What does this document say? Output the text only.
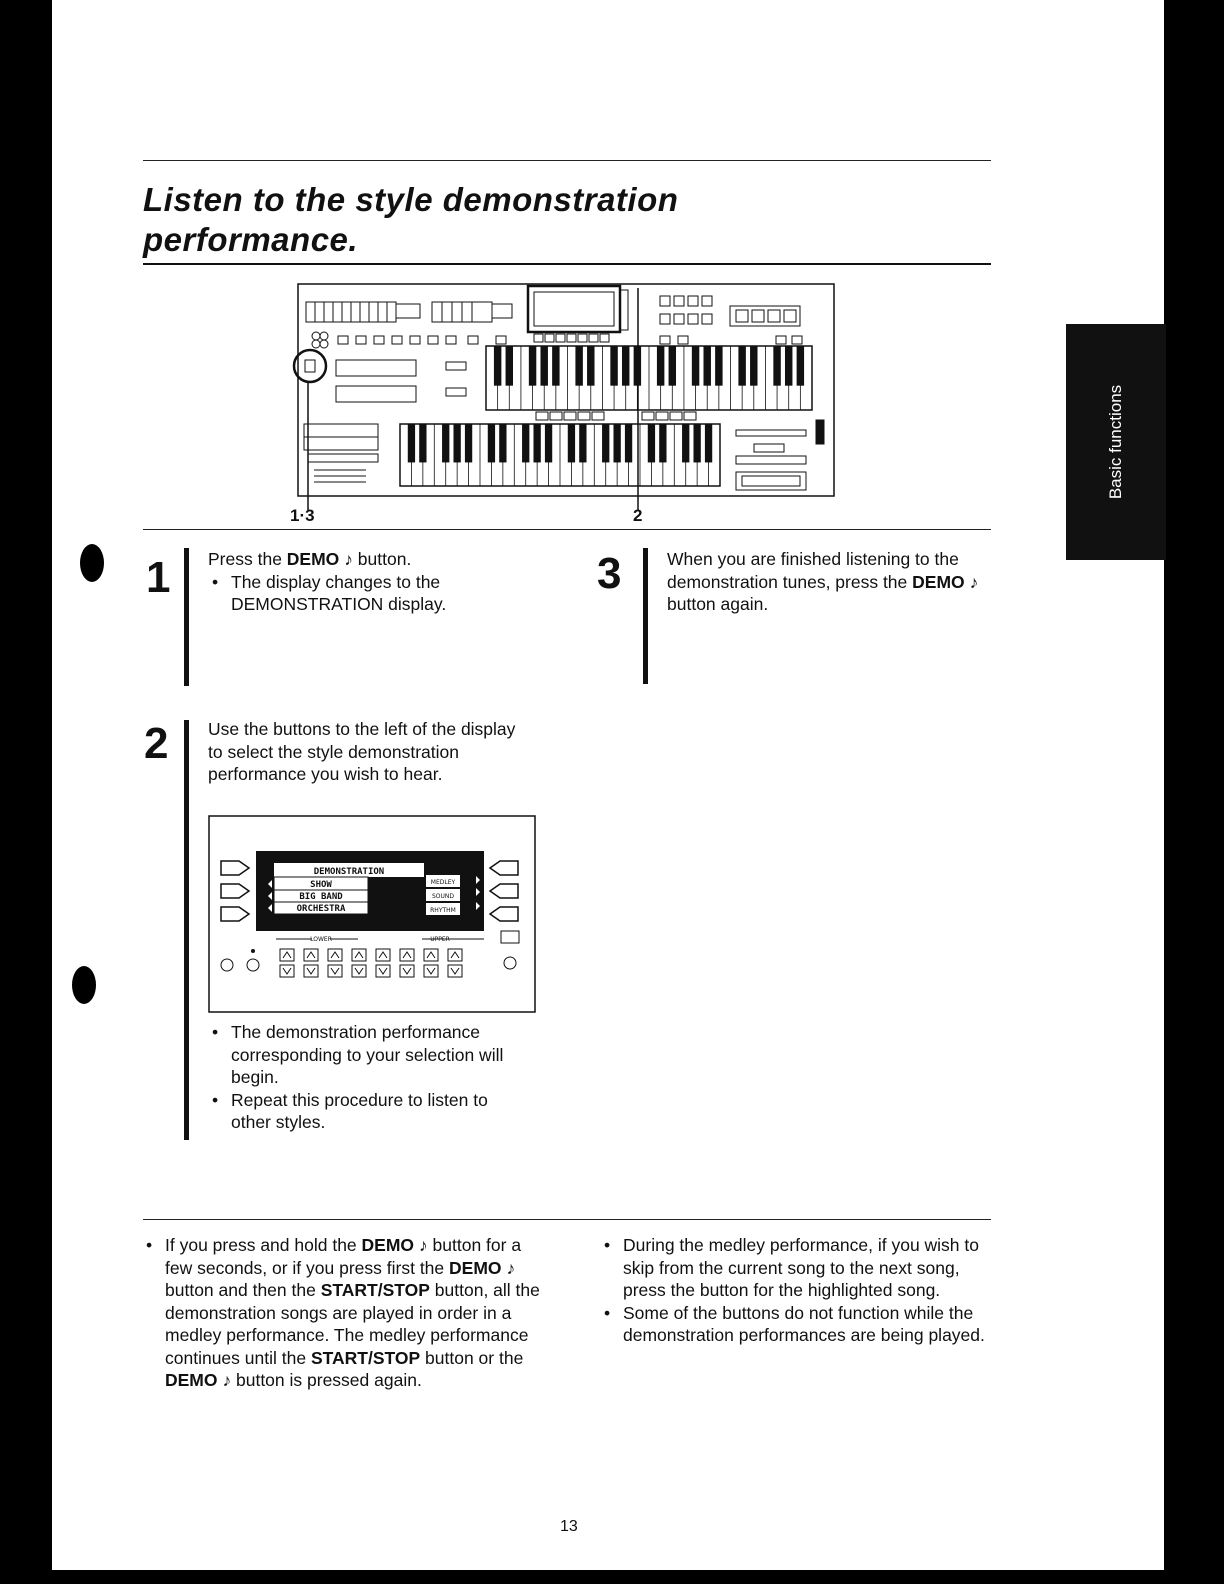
Listen to the style demonstration
performance.
Basic functions
1·3	2
1 Press the DEMO ♪ button.
• The display changes to the DEMONSTRATION display.
3	When you are finished listening to the demonstration tunes, press the DEMO ♪ button again.
2 Use the buttons to the left of the display to select the style demonstration performance you wish to hear.
DEMONSTRATION
SHOW
BIG BAND
ORCHESTRA
MEDLEY
SOUND
RHYTHM
LOWER	UPPER
• The demonstration performance corresponding to your selection will begin.
• Repeat this procedure to listen to other styles.
• If you press and hold the DEMO ♪ button for a few seconds, or if you press first the DEMO ♪ button and then the START/STOP button, all the demonstration songs are played in order in a medley performance. The medley performance continues until the START/STOP button or the DEMO ♪ button is pressed again.
• During the medley performance, if you wish to skip from the current song to the next song, press the button for the highlighted song.
• Some of the buttons do not function while the demonstration performances are being played.
13
